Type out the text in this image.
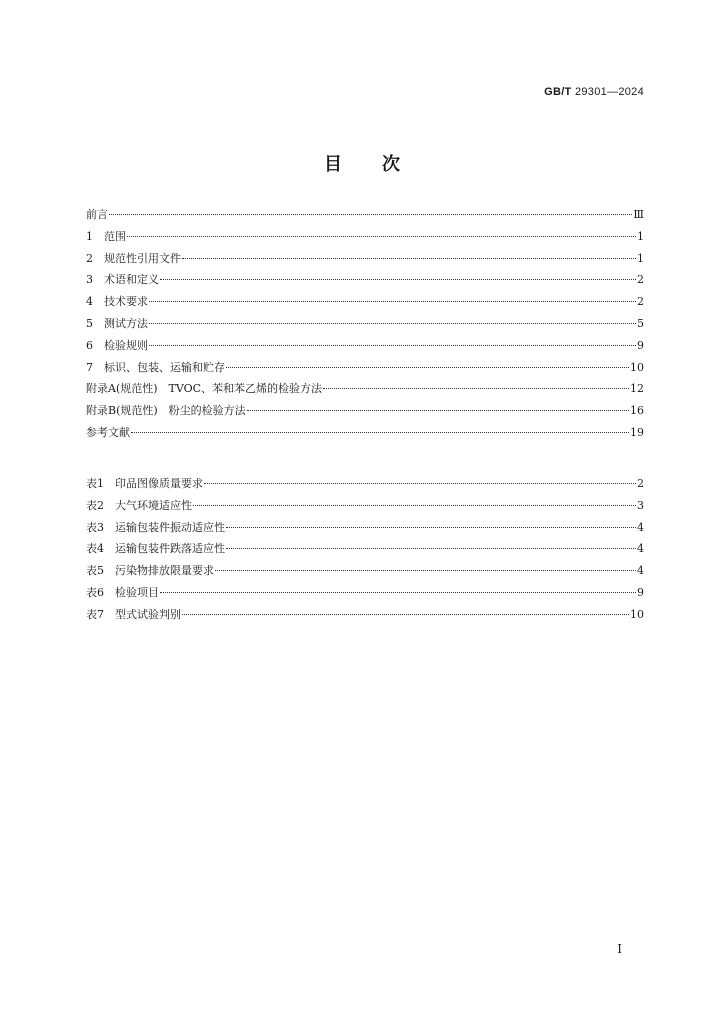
GB/T 29301—2024
目次
前言	Ⅲ
1　范围	1
2　规范性引用文件	1
3　术语和定义	2
4　技术要求	2
5　测试方法	5
6　检验规则	9
7　标识、包装、运输和贮存	10
附录A(规范性)　TVOC、苯和苯乙烯的检验方法	12
附录B(规范性)　粉尘的检验方法	16
参考文献	19
表1　印品图像质量要求	2
表2　大气环境适应性	3
表3　运输包装件振动适应性	4
表4　运输包装件跌落适应性	4
表5　污染物排放限量要求	4
表6　检验项目	9
表7　型式试验判别	10
I
